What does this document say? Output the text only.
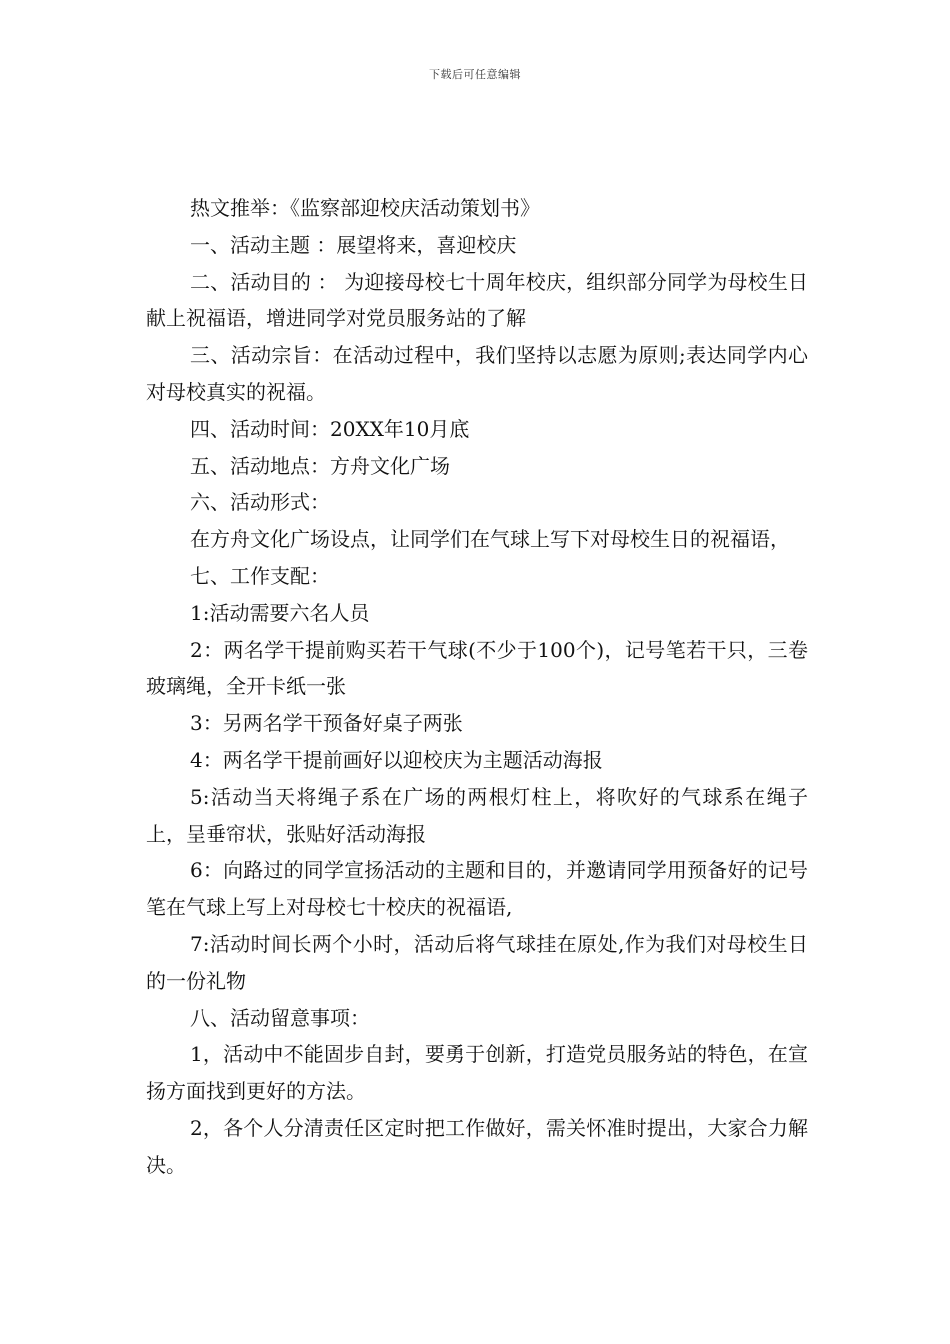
下载后可任意编辑

热文推举：《监察部迎校庆活动策划书》

一、活动主题 ：展望将来，喜迎校庆

二、活动目的 ： 为迎接母校七十周年校庆，组织部分同学为母校生日献上祝福语，增进同学对党员服务站的了解

三、活动宗旨：在活动过程中，我们坚持以志愿为原则;表达同学内心对母校真实的祝福。

四、活动时间：20XX年10月底

五、活动地点：方舟文化广场

六、活动形式：

在方舟文化广场设点，让同学们在气球上写下对母校生日的祝福语，

七、工作支配：

1:活动需要六名人员

2：两名学干提前购买若干气球(不少于100个)，记号笔若干只，三卷玻璃绳，全开卡纸一张

3：另两名学干预备好桌子两张

4：两名学干提前画好以迎校庆为主题活动海报

5:活动当天将绳子系在广场的两根灯柱上，将吹好的气球系在绳子上，呈垂帘状，张贴好活动海报

6：向路过的同学宣扬活动的主题和目的，并邀请同学用预备好的记号笔在气球上写上对母校七十校庆的祝福语,

7:活动时间长两个小时，活动后将气球挂在原处,作为我们对母校生日的一份礼物

八、活动留意事项：

1，活动中不能固步自封，要勇于创新，打造党员服务站的特色，在宣扬方面找到更好的方法。

2，各个人分清责任区定时把工作做好，需关怀准时提出，大家合力解决。
